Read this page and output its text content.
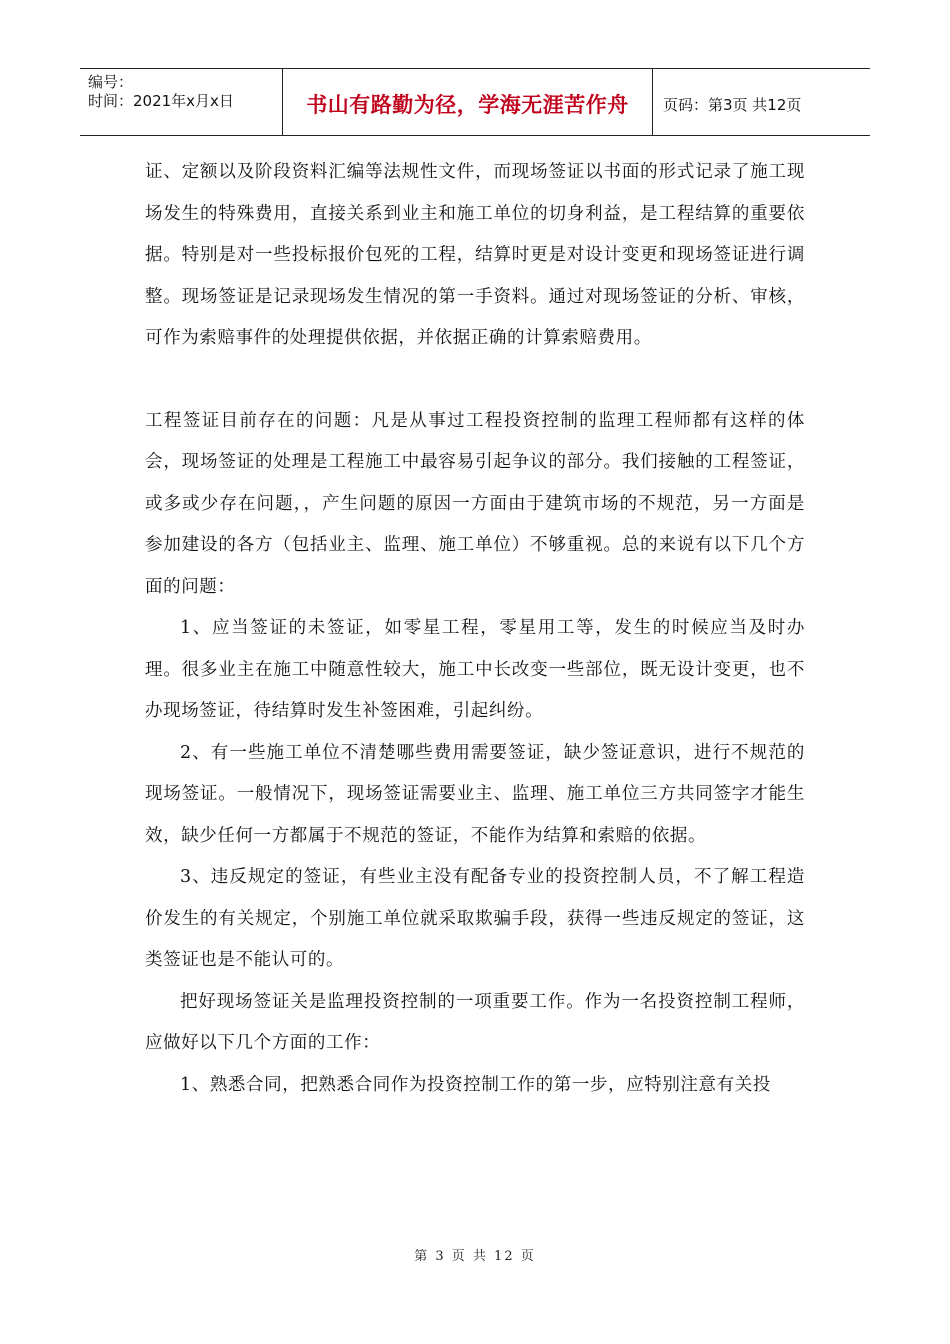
编号：
时间：2021年x月x日	书山有路勤为径，学海无涯苦作舟 页码：第3页 共12页

证、定额以及阶段资料汇编等法规性文件，而现场签证以书面的形式记录了施工现场发生的特殊费用，直接关系到业主和施工单位的切身利益，是工程结算的重要依据。特别是对一些投标报价包死的工程，结算时更是对设计变更和现场签证进行调整。现场签证是记录现场发生情况的第一手资料。通过对现场签证的分析、审核，可作为索赔事件的处理提供依据，并依据正确的计算索赔费用。

工程签证目前存在的问题：凡是从事过工程投资控制的监理工程师都有这样的体会，现场签证的处理是工程施工中最容易引起争议的部分。我们接触的工程签证，或多或少存在问题，，产生问题的原因一方面由于建筑市场的不规范，另一方面是参加建设的各方（包括业主、监理、施工单位）不够重视。总的来说有以下几个方面的问题：

1、应当签证的未签证，如零星工程，零星用工等，发生的时候应当及时办理。很多业主在施工中随意性较大，施工中长改变一些部位，既无设计变更，也不办现场签证，待结算时发生补签困难，引起纠纷。

2、有一些施工单位不清楚哪些费用需要签证，缺少签证意识，进行不规范的现场签证。一般情况下，现场签证需要业主、监理、施工单位三方共同签字才能生效，缺少任何一方都属于不规范的签证，不能作为结算和索赔的依据。

3、违反规定的签证，有些业主没有配备专业的投资控制人员，不了解工程造价发生的有关规定，个别施工单位就采取欺骗手段，获得一些违反规定的签证，这类签证也是不能认可的。

把好现场签证关是监理投资控制的一项重要工作。作为一名投资控制工程师，应做好以下几个方面的工作：

1、熟悉合同，把熟悉合同作为投资控制工作的第一步，应特别注意有关投

第 3 页 共 12 页
